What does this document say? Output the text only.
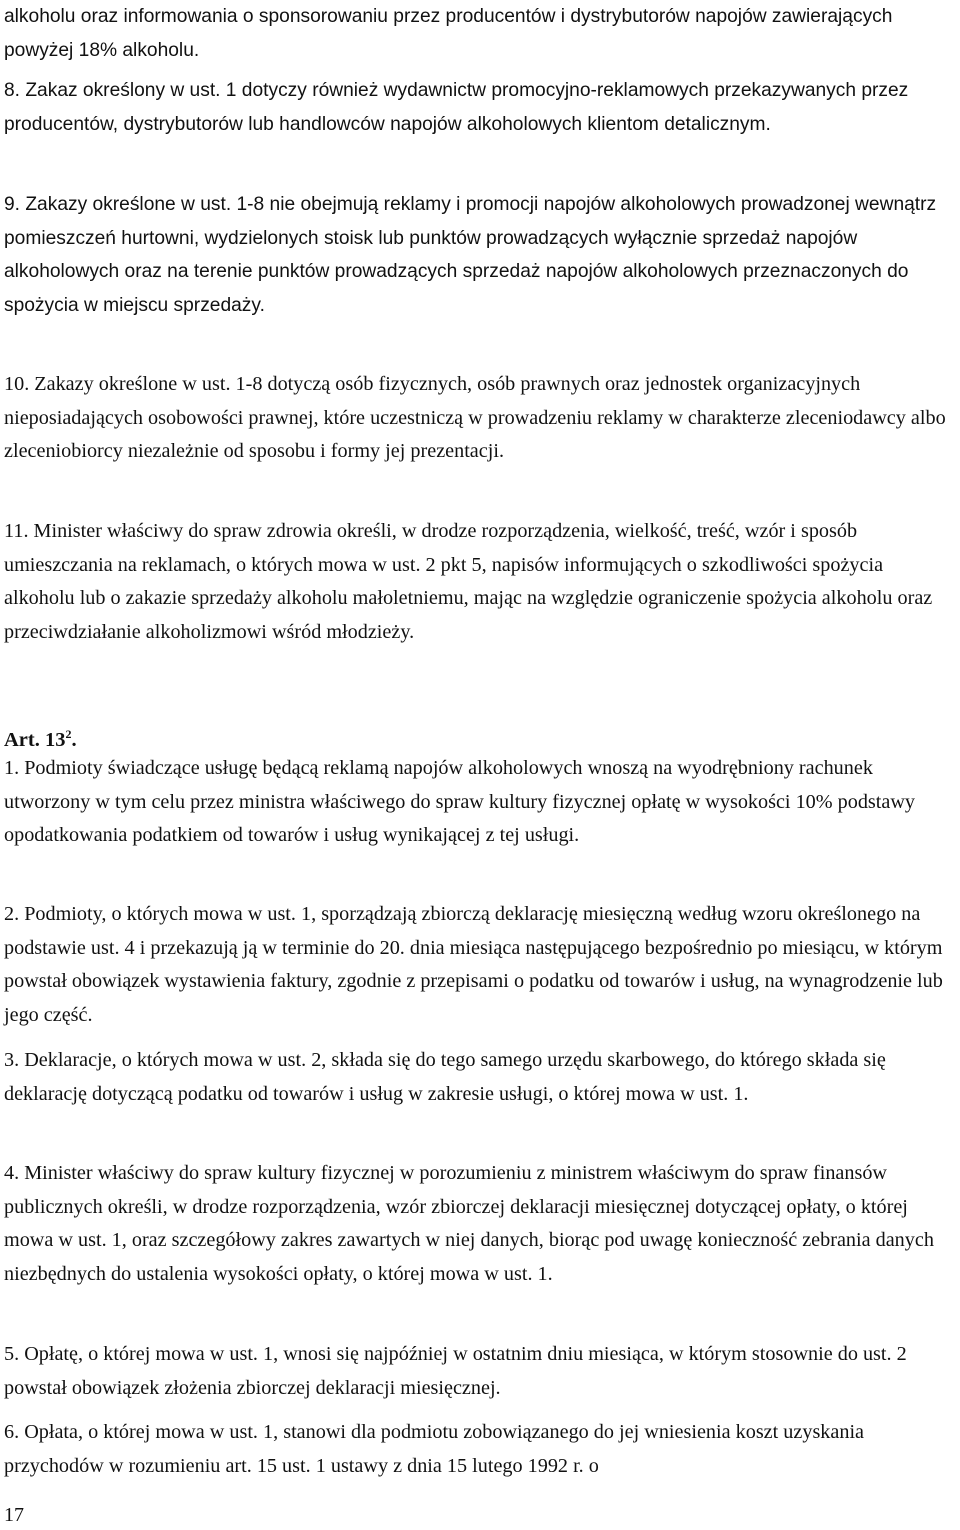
alkoholu oraz informowania o sponsorowaniu przez producentów i dystrybutorów napojów zawierających powyżej 18% alkoholu.

8. Zakaz określony w ust. 1 dotyczy również wydawnictw promocyjno-reklamowych przekazywanych przez producentów, dystrybutorów lub handlowców napojów alkoholowych klientom detalicznym.

9. Zakazy określone w ust. 1-8 nie obejmują reklamy i promocji napojów alkoholowych prowadzonej wewnątrz pomieszczeń hurtowni, wydzielonych stoisk lub punktów prowadzących wyłącznie sprzedaż napojów alkoholowych oraz na terenie punktów prowadzących sprzedaż napojów alkoholowych przeznaczonych do spożycia w miejscu sprzedaży.

10. Zakazy określone w ust. 1-8 dotyczą osób fizycznych, osób prawnych oraz jednostek organizacyjnych nieposiadających osobowości prawnej, które uczestniczą w prowadzeniu reklamy w charakterze zleceniodawcy albo zleceniobiorcy niezależnie od sposobu i formy jej prezentacji.

11. Minister właściwy do spraw zdrowia określi, w drodze rozporządzenia, wielkość, treść, wzór i sposób umieszczania na reklamach, o których mowa w ust. 2 pkt 5, napisów informujących o szkodliwości spożycia alkoholu lub o zakazie sprzedaży alkoholu małoletniemu, mając na względzie ograniczenie spożycia alkoholu oraz przeciwdziałanie alkoholizmowi wśród młodzieży.

Art. $13^2$.

1. Podmioty świadczące usługę będącą reklamą napojów alkoholowych wnoszą na wyodrębniony rachunek utworzony w tym celu przez ministra właściwego do spraw kultury fizycznej opłatę w wysokości 10% podstawy opodatkowania podatkiem od towarów i usług wynikającej z tej usługi.

2. Podmioty, o których mowa w ust. 1, sporządzają zbiorczą deklarację miesięczną według wzoru określonego na podstawie ust. 4 i przekazują ją w terminie do 20. dnia miesiąca następującego bezpośrednio po miesiącu, w którym powstał obowiązek wystawienia faktury, zgodnie z przepisami o podatku od towarów i usług, na wynagrodzenie lub jego część.

3. Deklaracje, o których mowa w ust. 2, składa się do tego samego urzędu skarbowego, do którego składa się deklarację dotyczącą podatku od towarów i usług w zakresie usługi, o której mowa w ust. 1.

4. Minister właściwy do spraw kultury fizycznej w porozumieniu z ministrem właściwym do spraw finansów publicznych określi, w drodze rozporządzenia, wzór zbiorczej deklaracji miesięcznej dotyczącej opłaty, o której mowa w ust. 1, oraz szczegółowy zakres zawartych w niej danych, biorąc pod uwagę konieczność zebrania danych niezbędnych do ustalenia wysokości opłaty, o której mowa w ust. 1.

5. Opłatę, o której mowa w ust. 1, wnosi się najpóźniej w ostatnim dniu miesiąca, w którym stosownie do ust. 2 powstał obowiązek złożenia zbiorczej deklaracji miesięcznej.

6. Opłata, o której mowa w ust. 1, stanowi dla podmiotu zobowiązanego do jej wniesienia koszt uzyskania przychodów w rozumieniu art. 15 ust. 1 ustawy z dnia 15 lutego 1992 r. o

17
